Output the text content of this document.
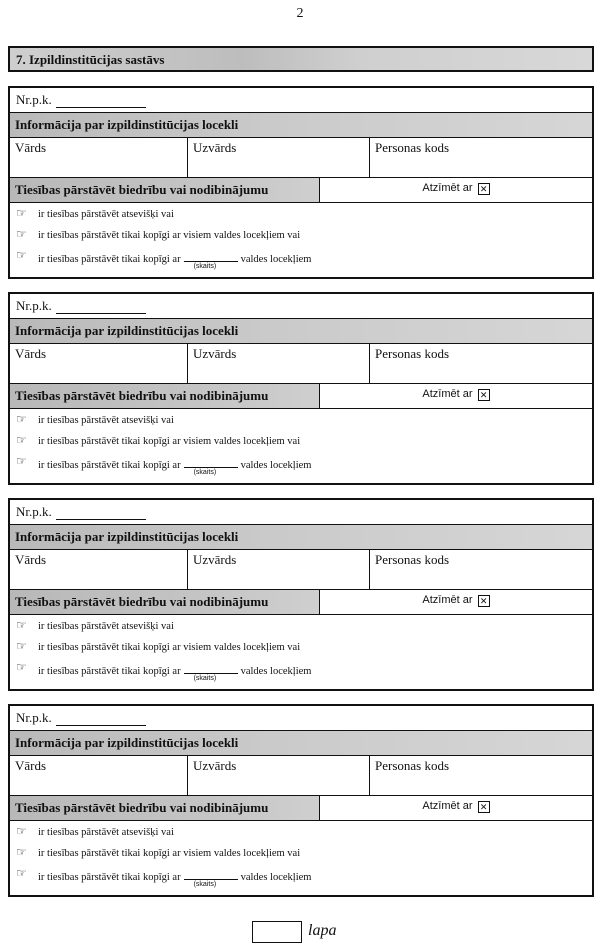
2
7. Izpildinstitūcijas sastāvs
Nr.p.k.
Informācija par izpildinstitūcijas locekli
Vārds	Uzvārds	Personas kods
Tiesības pārstāvēt biedrību vai nodibinājumu	Atzīmēt ar ✕
☞ ir tiesības pārstāvēt atsevišķi vai
☞ ir tiesības pārstāvēt tikai kopīgi ar visiem valdes locekļiem vai
☞ ir tiesības pārstāvēt tikai kopīgi ar
(skaits)
valdes locekļiem
Nr.p.k.
Informācija par izpildinstitūcijas locekli
Vārds	Uzvārds	Personas kods
Tiesības pārstāvēt biedrību vai nodibinājumu	Atzīmēt ar ✕
☞ ir tiesības pārstāvēt atsevišķi vai
☞ ir tiesības pārstāvēt tikai kopīgi ar visiem valdes locekļiem vai
☞ ir tiesības pārstāvēt tikai kopīgi ar
(skaits)
valdes locekļiem
Nr.p.k.
Informācija par izpildinstitūcijas locekli
Vārds	Uzvārds	Personas kods
Tiesības pārstāvēt biedrību vai nodibinājumu	Atzīmēt ar ✕
☞ ir tiesības pārstāvēt atsevišķi vai
☞ ir tiesības pārstāvēt tikai kopīgi ar visiem valdes locekļiem vai
☞ ir tiesības pārstāvēt tikai kopīgi ar
(skaits)
valdes locekļiem
Nr.p.k.
Informācija par izpildinstitūcijas locekli
Vārds	Uzvārds	Personas kods
Tiesības pārstāvēt biedrību vai nodibinājumu	Atzīmēt ar ✕
☞ ir tiesības pārstāvēt atsevišķi vai
☞ ir tiesības pārstāvēt tikai kopīgi ar visiem valdes locekļiem vai
☞ ir tiesības pārstāvēt tikai kopīgi ar
(skaits)
valdes locekļiem
lapa
